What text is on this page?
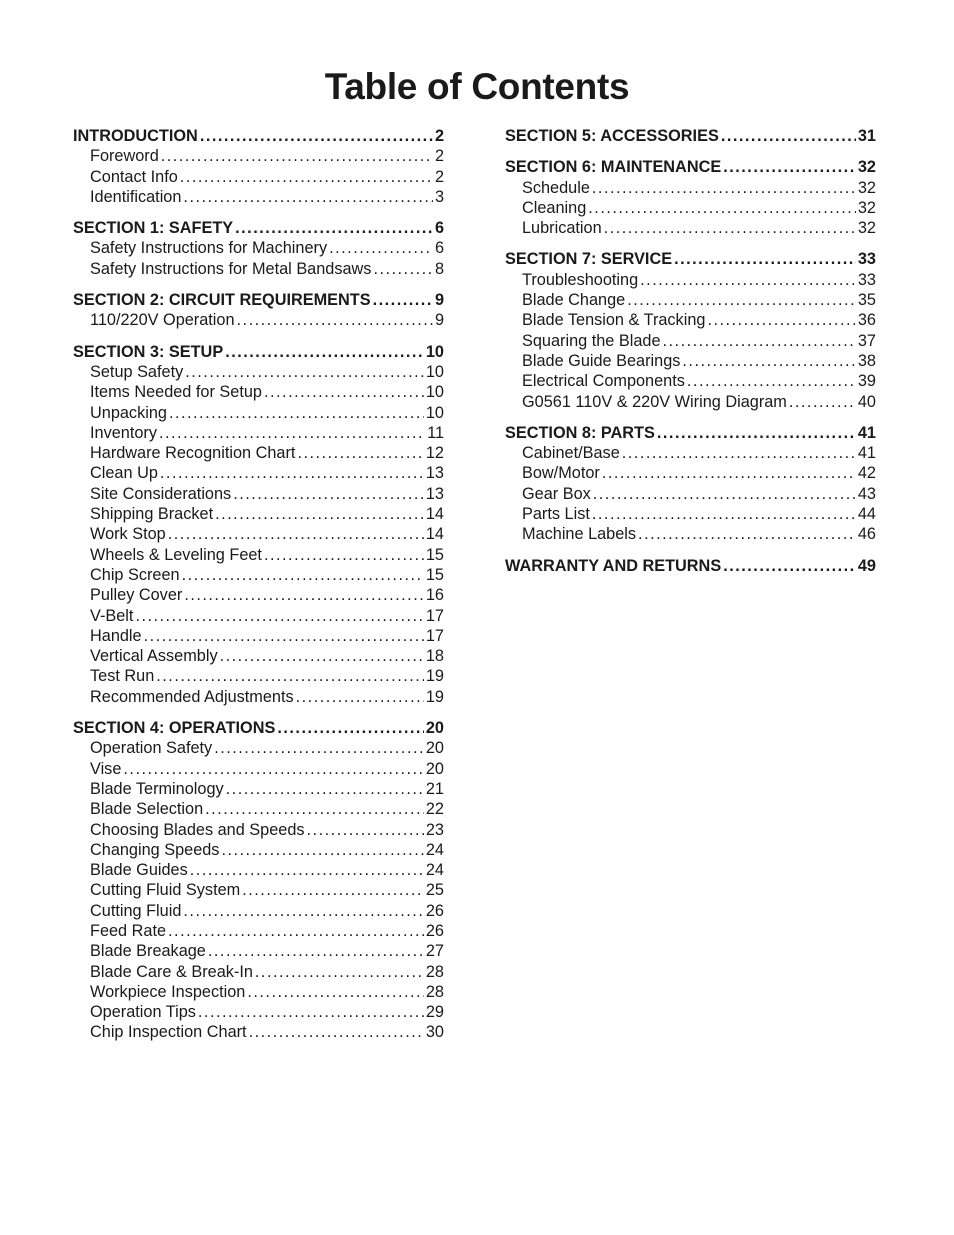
Table of Contents
INTRODUCTION .....	2
Foreword .....	2
Contact Info .....	2
Identification .....	3
SECTION 1: SAFETY .....	6
Safety Instructions for Machinery .....	6
Safety Instructions for Metal Bandsaws .....	8
SECTION 2: CIRCUIT REQUIREMENTS .....	9
110/220V Operation .....	9
SECTION 3: SETUP .....	10
Setup Safety .....	10
Items Needed for Setup .....	10
Unpacking .....	10
Inventory .....	11
Hardware Recognition Chart .....	12
Clean Up .....	13
Site Considerations .....	13
Shipping Bracket .....	14
Work Stop .....	14
Wheels & Leveling Feet .....	15
Chip Screen .....	15
Pulley Cover .....	16
V-Belt .....	17
Handle .....	17
Vertical Assembly .....	18
Test Run .....	19
Recommended Adjustments .....	19
SECTION 4: OPERATIONS .....	20
Operation Safety .....	20
Vise .....	20
Blade Terminology .....	21
Blade Selection .....	22
Choosing Blades and Speeds .....	23
Changing Speeds .....	24
Blade Guides .....	24
Cutting Fluid System .....	25
Cutting Fluid .....	26
Feed Rate .....	26
Blade Breakage .....	27
Blade Care & Break-In .....	28
Workpiece Inspection .....	28
Operation Tips .....	29
Chip Inspection Chart .....	30
SECTION 5: ACCESSORIES .....	31
SECTION 6: MAINTENANCE .....	32
Schedule .....	32
Cleaning .....	32
Lubrication .....	32
SECTION 7: SERVICE .....	33
Troubleshooting .....	33
Blade Change .....	35
Blade Tension & Tracking .....	36
Squaring the Blade .....	37
Blade Guide Bearings .....	38
Electrical Components .....	39
G0561 110V & 220V Wiring Diagram .....	40
SECTION 8: PARTS .....	41
Cabinet/Base .....	41
Bow/Motor .....	42
Gear Box .....	43
Parts List .....	44
Machine Labels .....	46
WARRANTY AND RETURNS .....	49
